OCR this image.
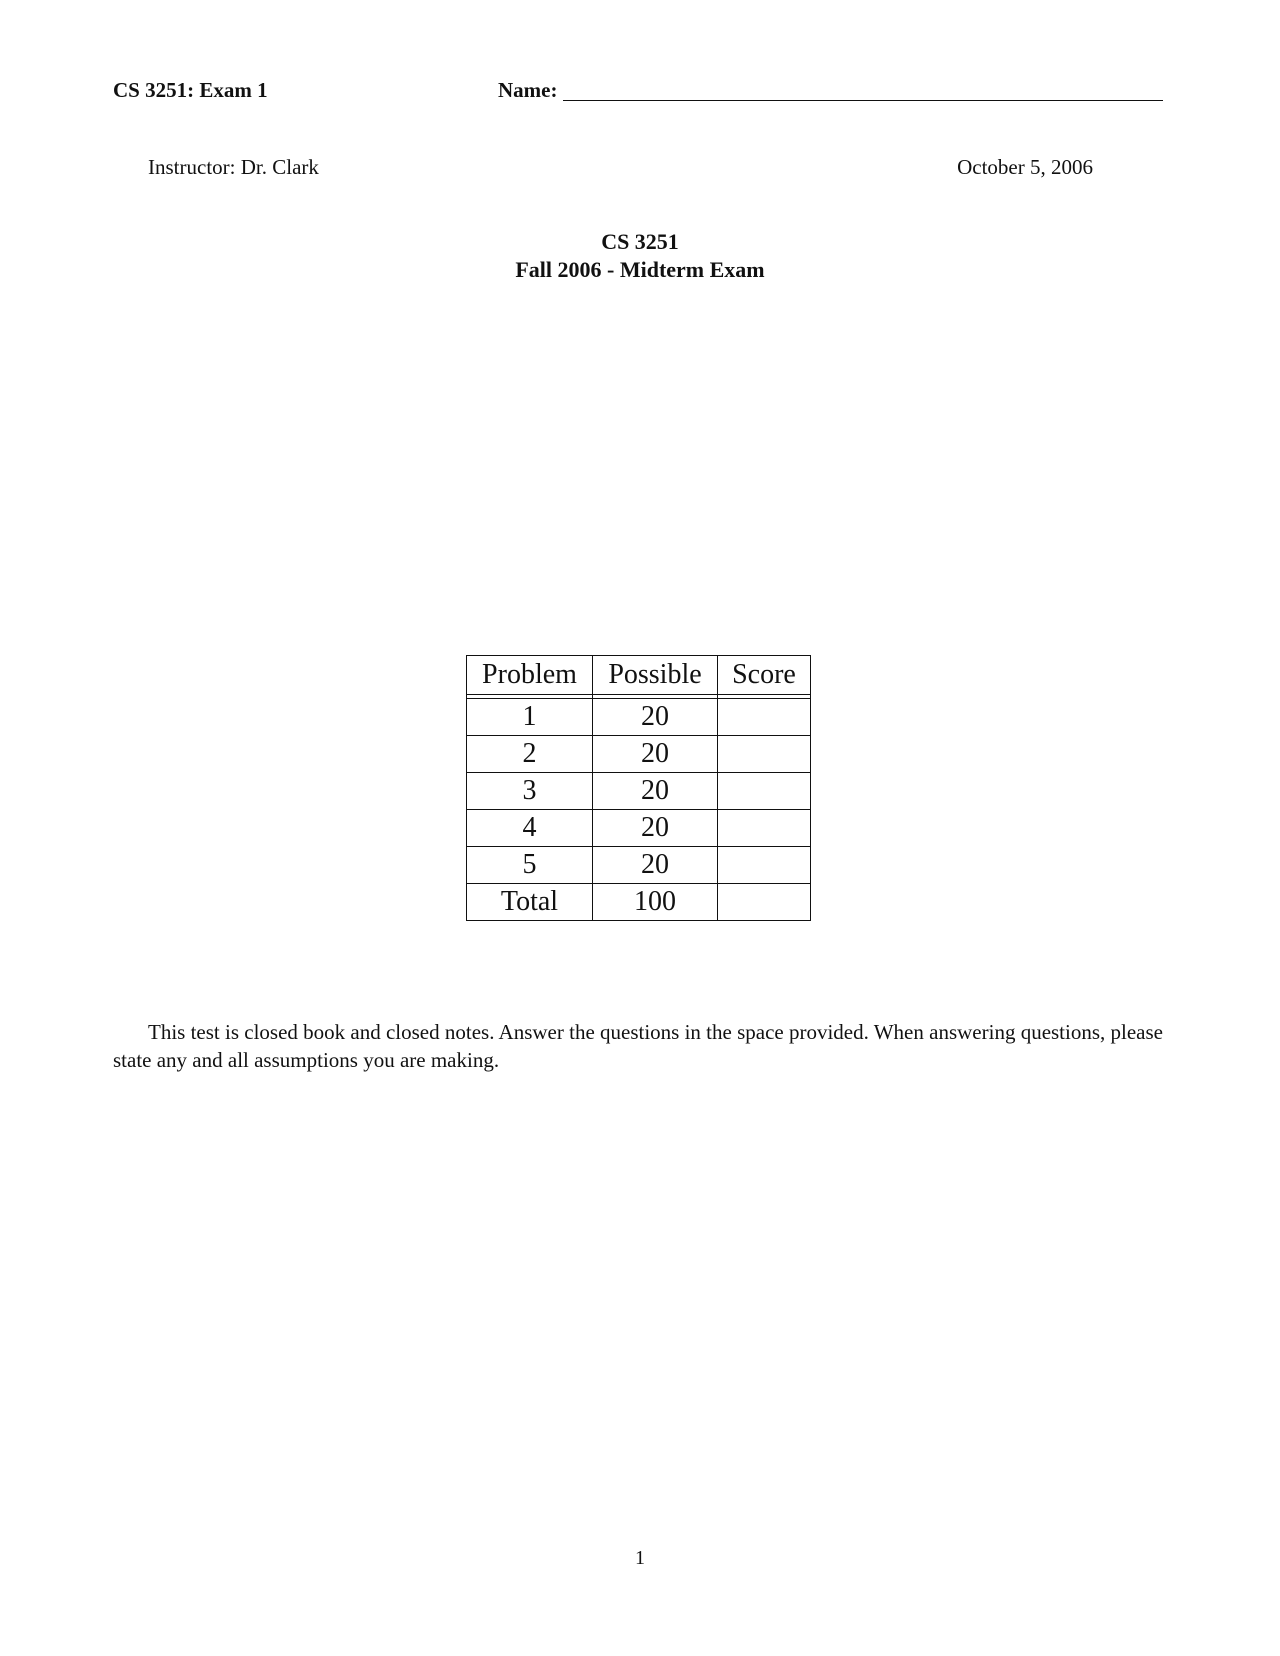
CS 3251: Exam 1	Name:
Instructor: Dr. Clark	October 5, 2006
CS 3251
Fall 2006 - Midterm Exam
Problem	Possible	Score

1	20	
2	20	
3	20	
4	20	
5	20	
Total	100	
This test is closed book and closed notes. Answer the questions in the space provided. When answering questions, please state any and all assumptions you are making.
1
